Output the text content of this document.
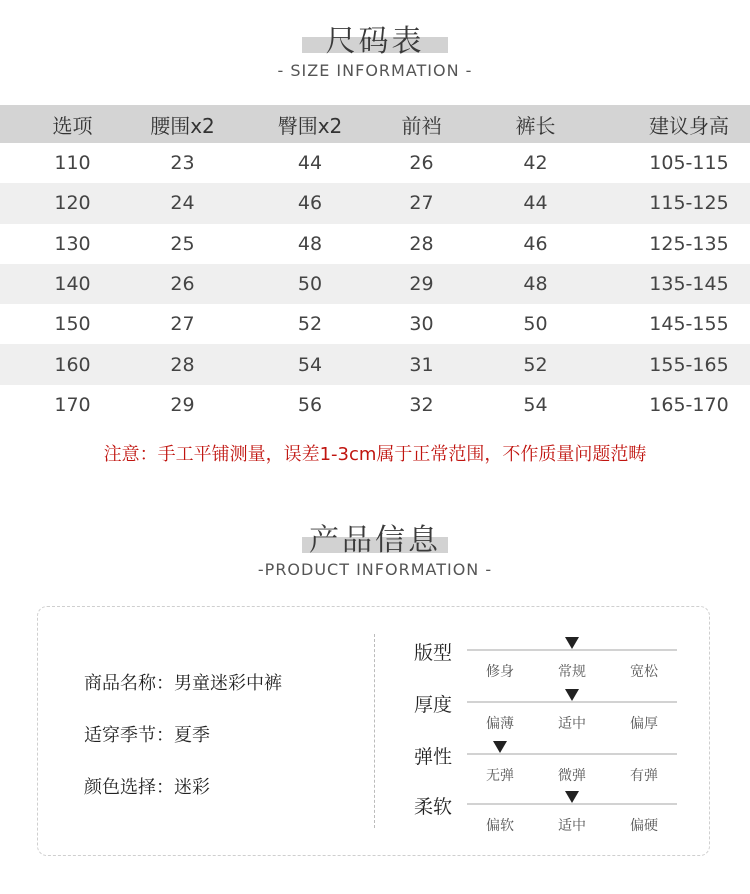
尺码表
- SIZE INFORMATION -
选项	腰围x2	臀围x2	前裆	裤长	建议身高
110	23	44	26	42	105-115
120	24	46	27	44	115-125
130	25	48	28	46	125-135
140	26	50	29	48	135-145
150	27	52	30	50	145-155
160	28	54	31	52	155-165
170	29	56	32	54	165-170
注意：手工平铺测量，误差1-3cm属于正常范围，不作质量问题范畴
产品信息
-PRODUCT INFORMATION -
商品名称：男童迷彩中裤
适穿季节：夏季
颜色选择：迷彩
版型
修身	常规	宽松
厚度
偏薄	适中	偏厚
弹性
无弹	微弹	有弹
柔软
偏软	适中	偏硬
